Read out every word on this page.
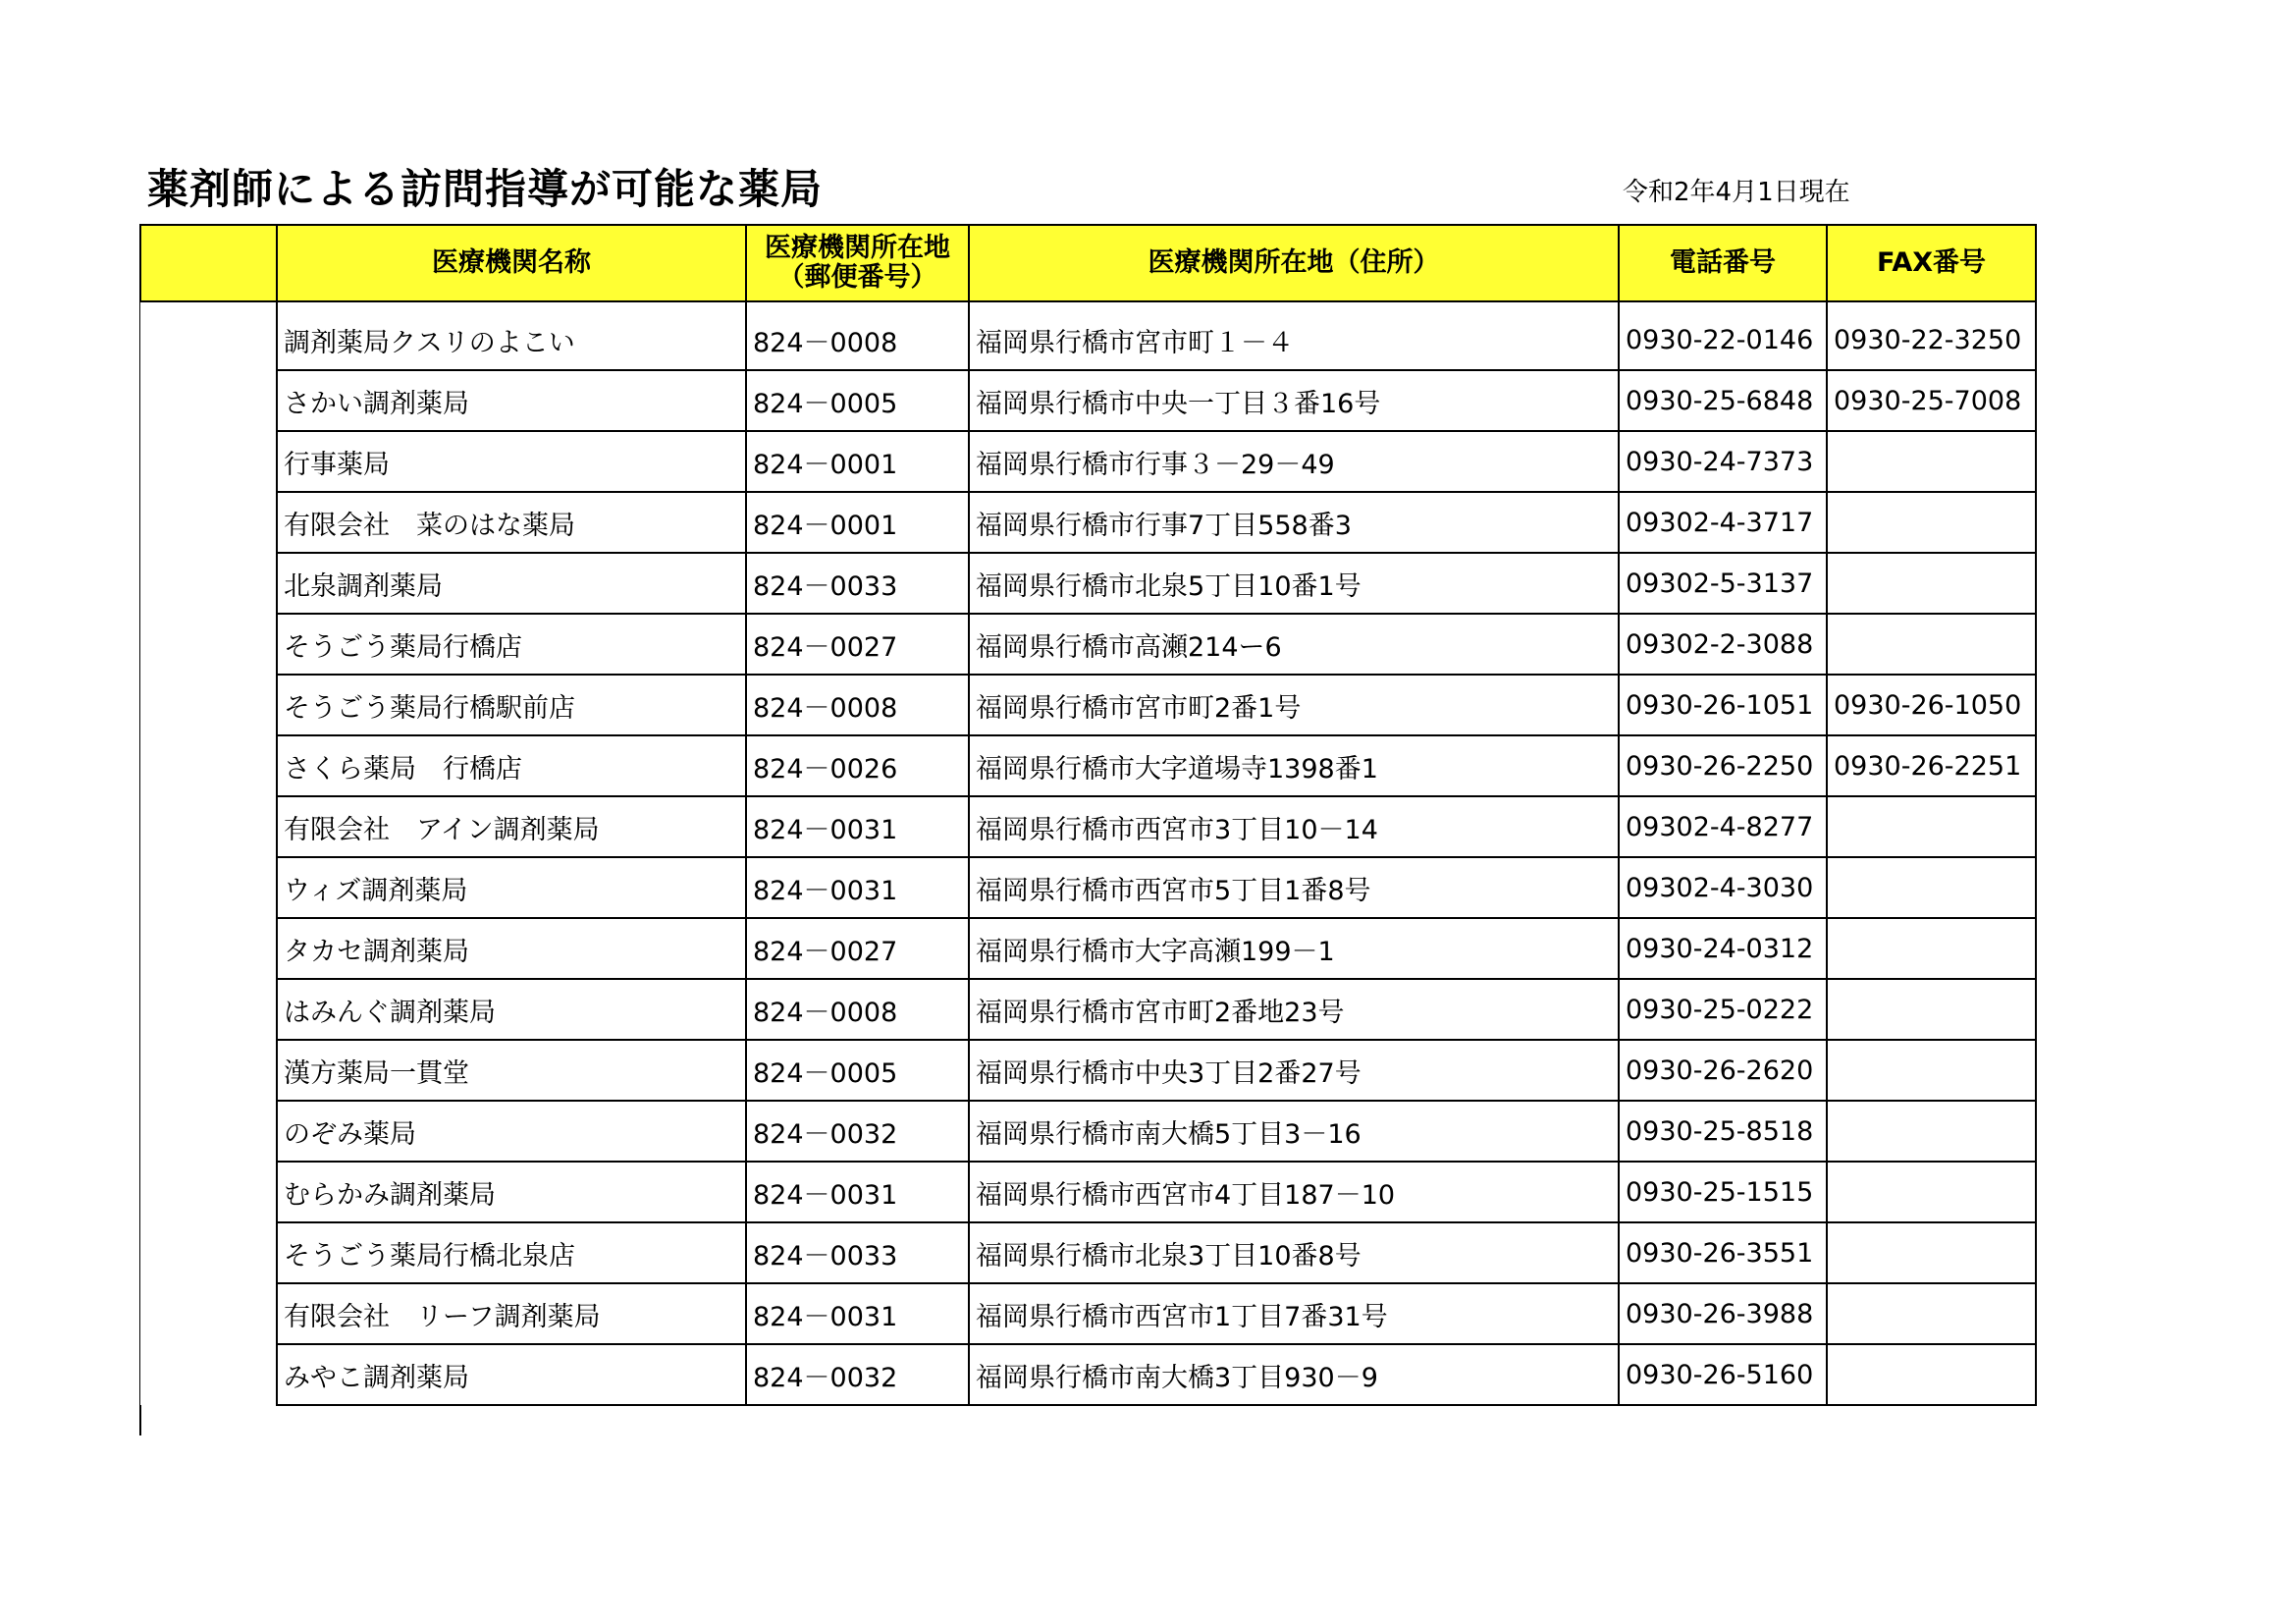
薬剤師による訪問指導が可能な薬局	令和2年4月1日現在
	医療機関名称	医療機関所在地（郵便番号）	医療機関所在地（住所）	電話番号	FAX番号
	調剤薬局クスリのよこい	824－0008	福岡県行橋市宮市町１－４	0930-22-0146	0930-22-3250
	さかい調剤薬局	824－0005	福岡県行橋市中央一丁目３番16号	0930-25-6848	0930-25-7008
	行事薬局	824－0001	福岡県行橋市行事３－29－49	0930-24-7373	
	有限会社　菜のはな薬局	824－0001	福岡県行橋市行事7丁目558番3	09302-4-3717	
	北泉調剤薬局	824－0033	福岡県行橋市北泉5丁目10番1号	09302-5-3137	
	そうごう薬局行橋店	824－0027	福岡県行橋市高瀬214ー6	09302-2-3088	
	そうごう薬局行橋駅前店	824－0008	福岡県行橋市宮市町2番1号	0930-26-1051	0930-26-1050
	さくら薬局　行橋店	824－0026	福岡県行橋市大字道場寺1398番1	0930-26-2250	0930-26-2251
	有限会社　アイン調剤薬局	824－0031	福岡県行橋市西宮市3丁目10－14	09302-4-8277	
	ウィズ調剤薬局	824－0031	福岡県行橋市西宮市5丁目1番8号	09302-4-3030	
	タカセ調剤薬局	824－0027	福岡県行橋市大字高瀬199－1	0930-24-0312	
	はみんぐ調剤薬局	824－0008	福岡県行橋市宮市町2番地23号	0930-25-0222	
	漢方薬局一貫堂	824－0005	福岡県行橋市中央3丁目2番27号	0930-26-2620	
	のぞみ薬局	824－0032	福岡県行橋市南大橋5丁目3－16	0930-25-8518	
	むらかみ調剤薬局	824－0031	福岡県行橋市西宮市4丁目187－10	0930-25-1515	
	そうごう薬局行橋北泉店	824－0033	福岡県行橋市北泉3丁目10番8号	0930-26-3551	
	有限会社　リーフ調剤薬局	824－0031	福岡県行橋市西宮市1丁目7番31号	0930-26-3988	
	みやこ調剤薬局	824－0032	福岡県行橋市南大橋3丁目930－9	0930-26-5160	
